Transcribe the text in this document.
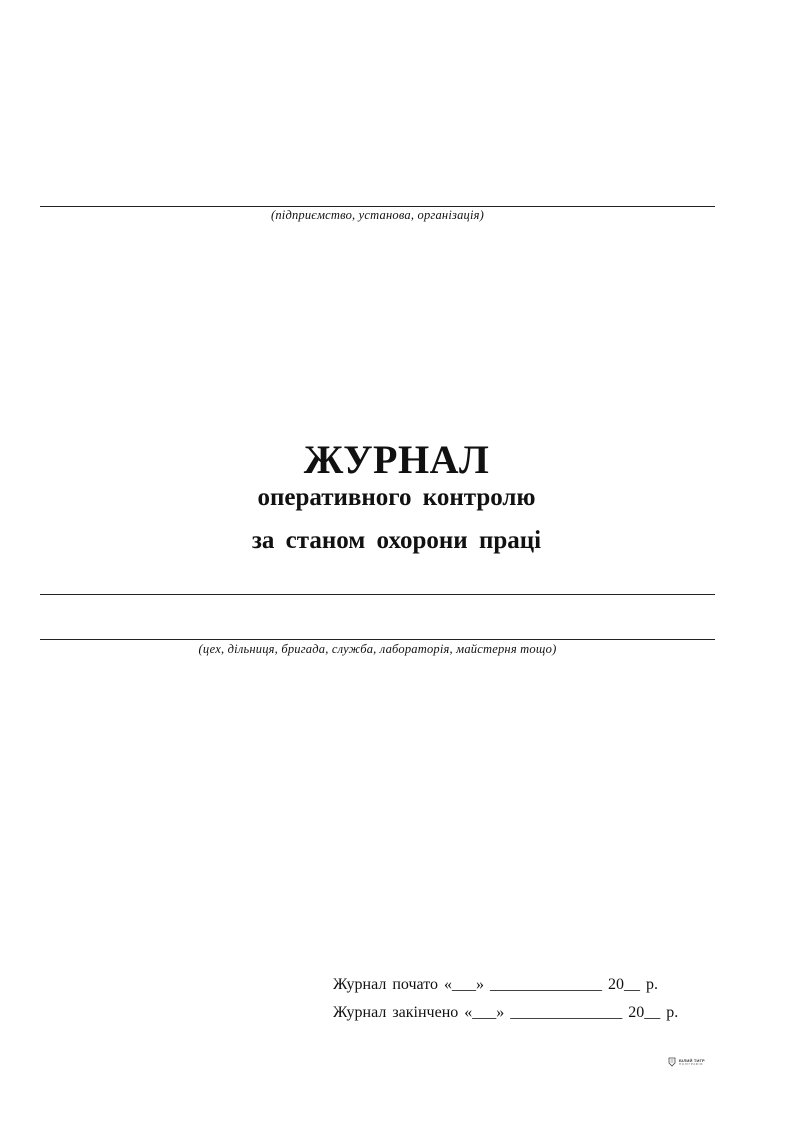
(підприємство, установа, організація)
ЖУРНАЛ
оперативного контролю
за станом охорони праці
(цех, дільниця, бригада, служба, лабораторія, майстерня тощо)
Журнал почато «___» ______________ 20__ р.
Журнал закінчено «___» ______________ 20__ р.
БІЛИЙ ТИГР
ПОЛІГРАФІЯ
